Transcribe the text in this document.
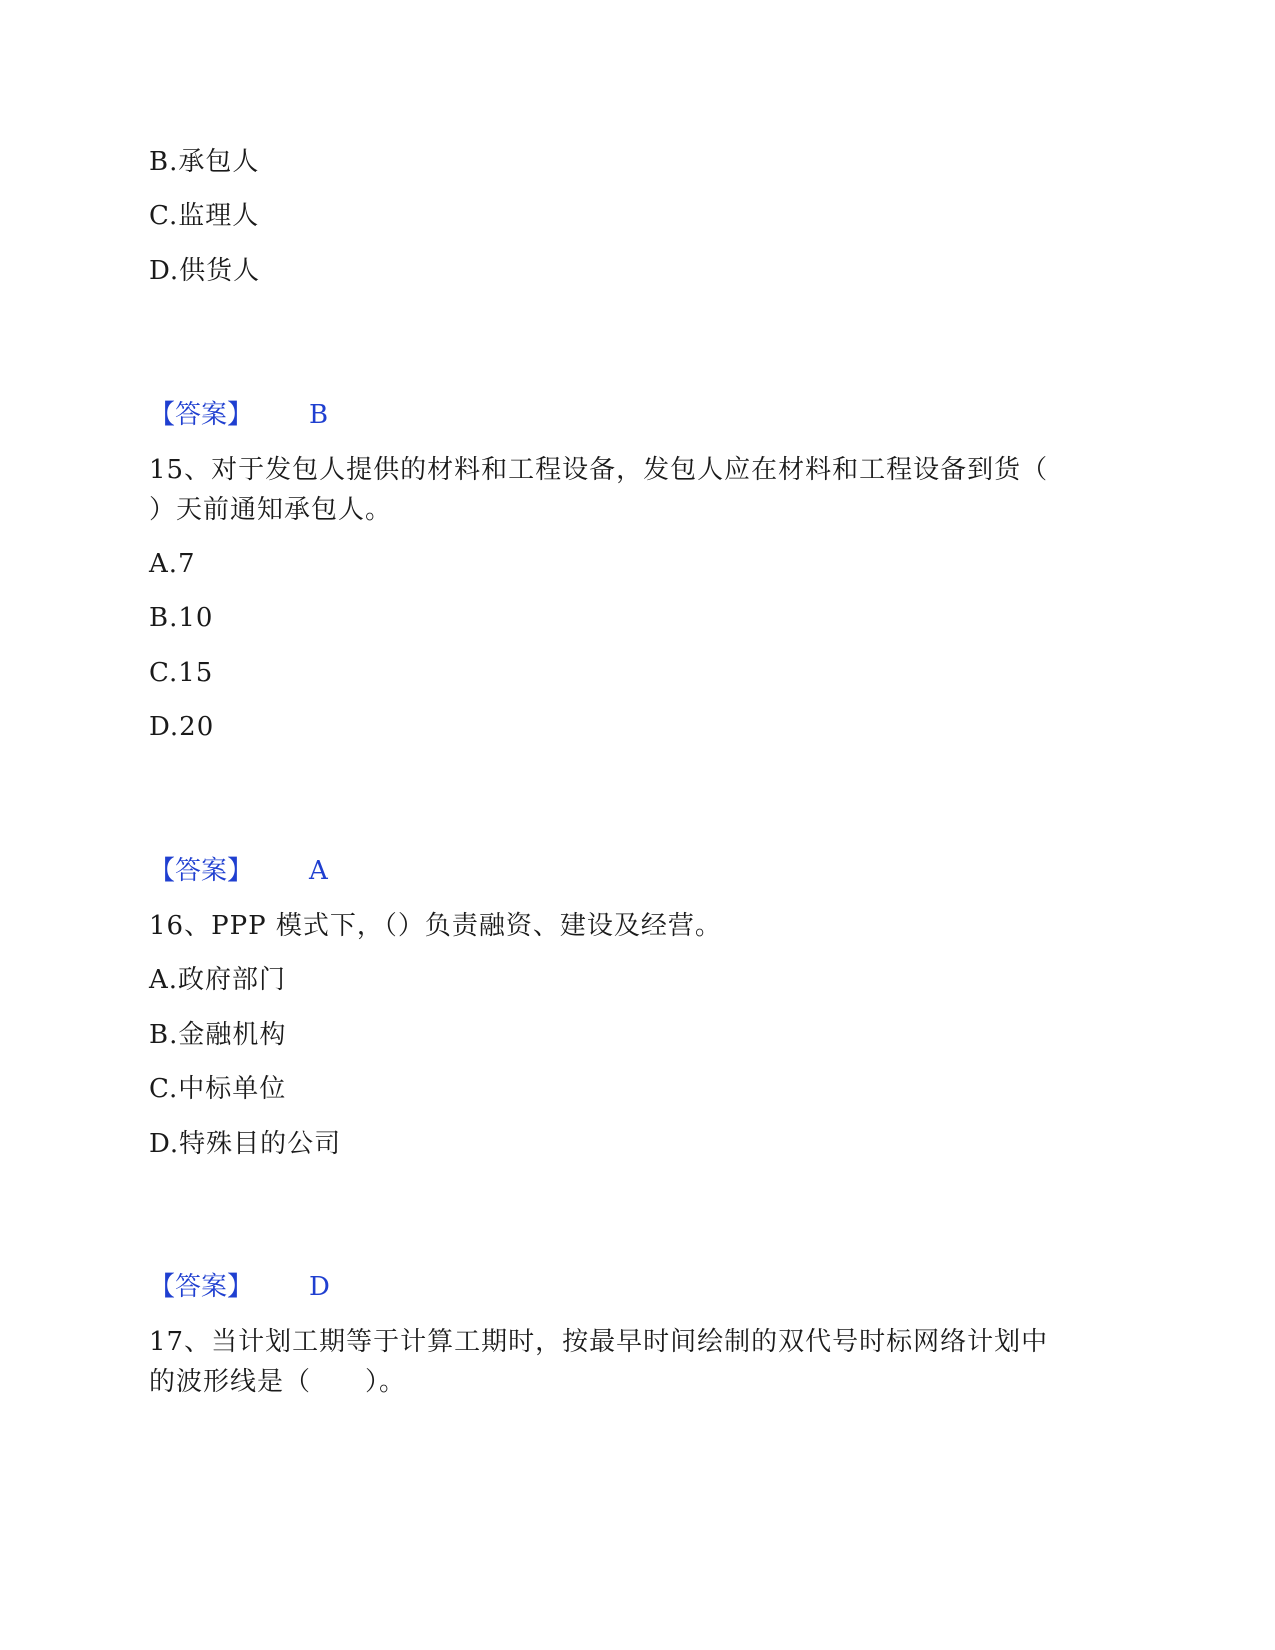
B.承包人
C.监理人
D.供货人
【答案】 B
15、对于发包人提供的材料和工程设备，发包人应在材料和工程设备到货（
）天前通知承包人。
A.7
B.10
C.15
D.20
【答案】 A
16、PPP 模式下，（）负责融资、建设及经营。
A.政府部门
B.金融机构
C.中标单位
D.特殊目的公司
【答案】 D
17、当计划工期等于计算工期时，按最早时间绘制的双代号时标网络计划中
的波形线是（　　）。
